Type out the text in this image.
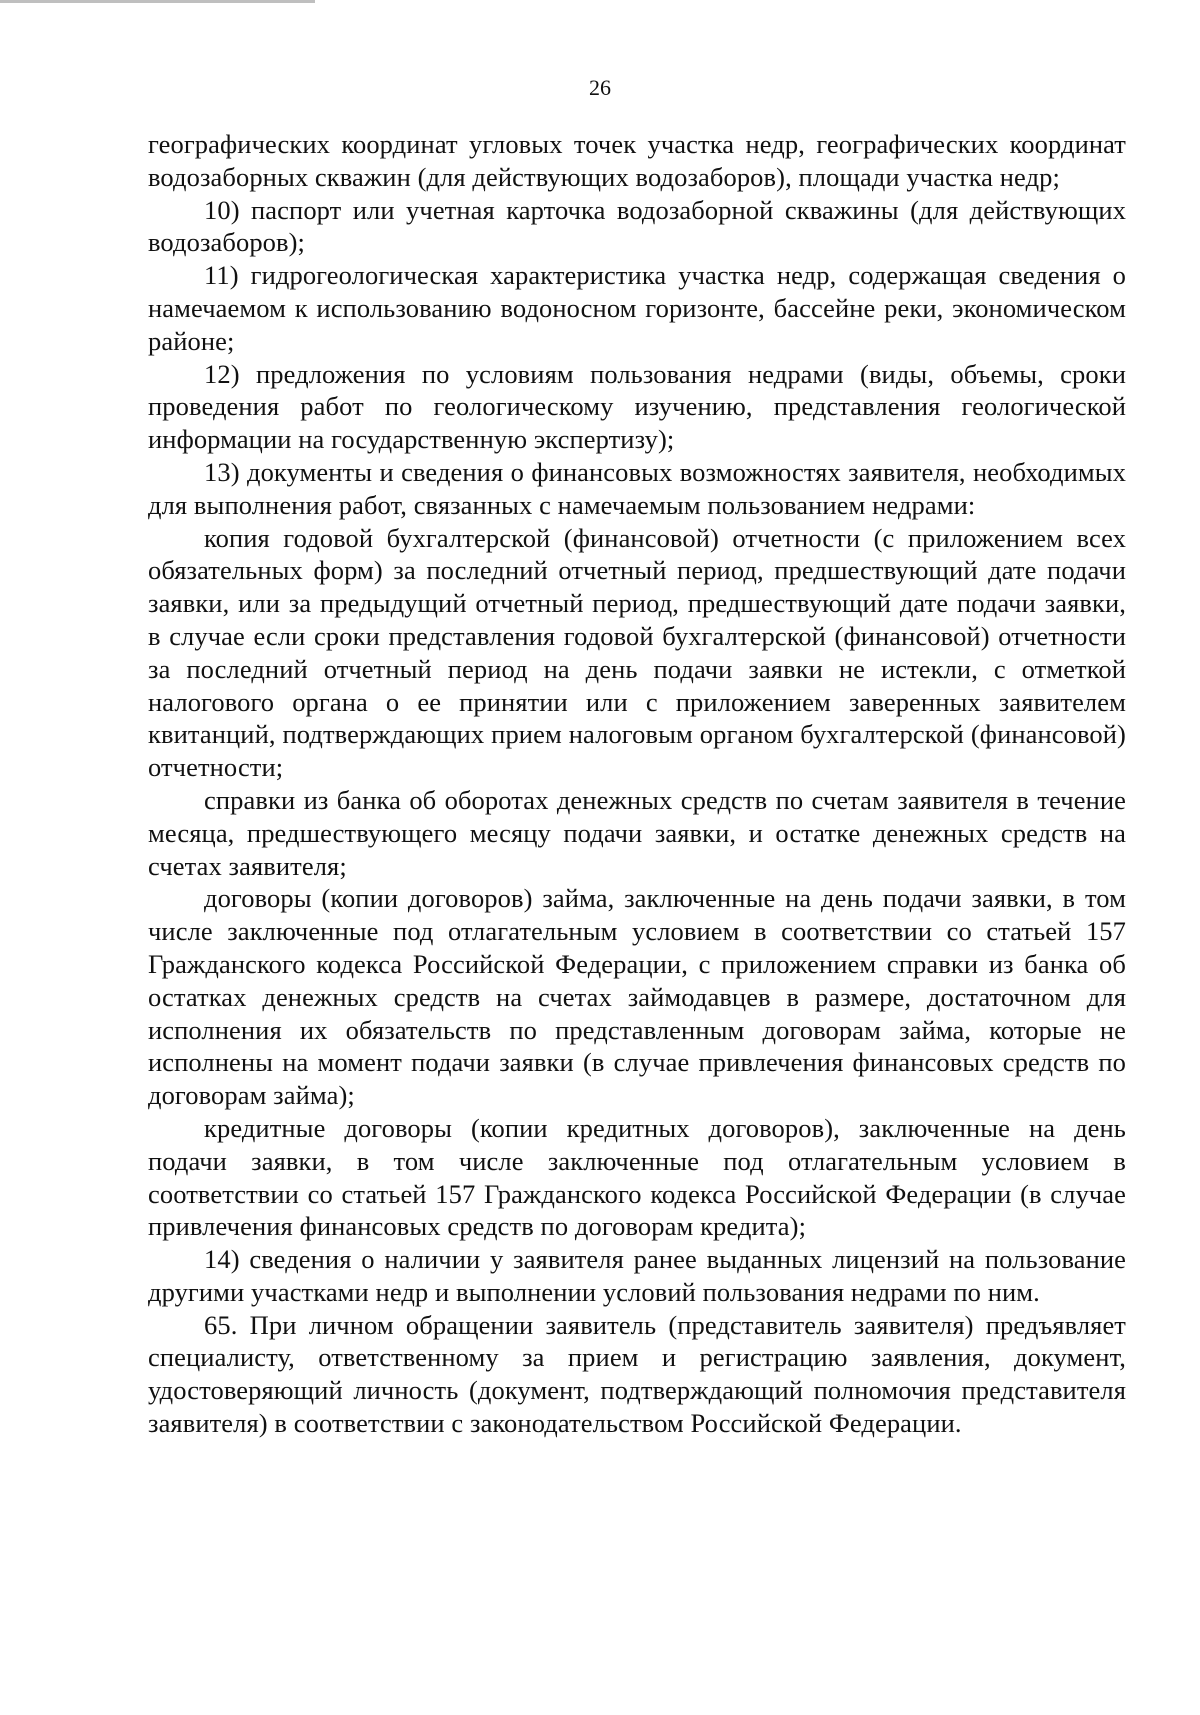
26

географических координат угловых точек участка недр, географических координат водозаборных скважин (для действующих водозаборов), площади участка недр;

10) паспорт или учетная карточка водозаборной скважины (для действующих водозаборов);

11) гидрогеологическая характеристика участка недр, содержащая сведения о намечаемом к использованию водоносном горизонте, бассейне реки, экономическом районе;

12) предложения по условиям пользования недрами (виды, объемы, сроки проведения работ по геологическому изучению, представления геологической информации на государственную экспертизу);

13) документы и сведения о финансовых возможностях заявителя, необходимых для выполнения работ, связанных с намечаемым пользованием недрами:

копия годовой бухгалтерской (финансовой) отчетности (с приложением всех обязательных форм) за последний отчетный период, предшествующий дате подачи заявки, или за предыдущий отчетный период, предшествующий дате подачи заявки, в случае если сроки представления годовой бухгалтерской (финансовой) отчетности за последний отчетный период на день подачи заявки не истекли, с отметкой налогового органа о ее принятии или с приложением заверенных заявителем квитанций, подтверждающих прием налоговым органом бухгалтерской (финансовой) отчетности;

справки из банка об оборотах денежных средств по счетам заявителя в течение месяца, предшествующего месяцу подачи заявки, и остатке денежных средств на счетах заявителя;

договоры (копии договоров) займа, заключенные на день подачи заявки, в том числе заключенные под отлагательным условием в соответствии со статьей 157 Гражданского кодекса Российской Федерации, с приложением справки из банка об остатках денежных средств на счетах займодавцев в размере, достаточном для исполнения их обязательств по представленным договорам займа, которые не исполнены на момент подачи заявки (в случае привлечения финансовых средств по договорам займа);

кредитные договоры (копии кредитных договоров), заключенные на день подачи заявки, в том числе заключенные под отлагательным условием в соответствии со статьей 157 Гражданского кодекса Российской Федерации (в случае привлечения финансовых средств по договорам кредита);

14) сведения о наличии у заявителя ранее выданных лицензий на пользование другими участками недр и выполнении условий пользования недрами по ним.

65. При личном обращении заявитель (представитель заявителя) предъявляет специалисту, ответственному за прием и регистрацию заявления, документ, удостоверяющий личность (документ, подтверждающий полномочия представителя заявителя) в соответствии с законодательством Российской Федерации.
